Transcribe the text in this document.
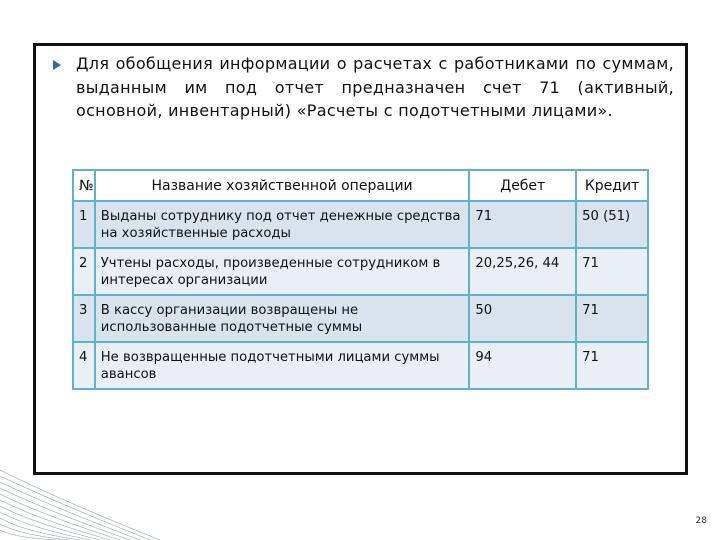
Для обобщения информации о расчетах с работниками по суммам, выданным им под отчет предназначен счет 71 (активный, основной, инвентарный) «Расчеты с подотчетными лицами».
№	Название хозяйственной операции	Дебет	Кредит
1	Выданы сотруднику под отчет денежные средства на хозяйственные расходы	71	50 (51)
2	Учтены расходы, произведенные сотрудником в интересах организации	20,25,26, 44	71
3	В кассу организации возвращены не использованные подотчетные суммы	50	71
4	Не возвращенные подотчетными лицами суммы авансов	94	71
28
